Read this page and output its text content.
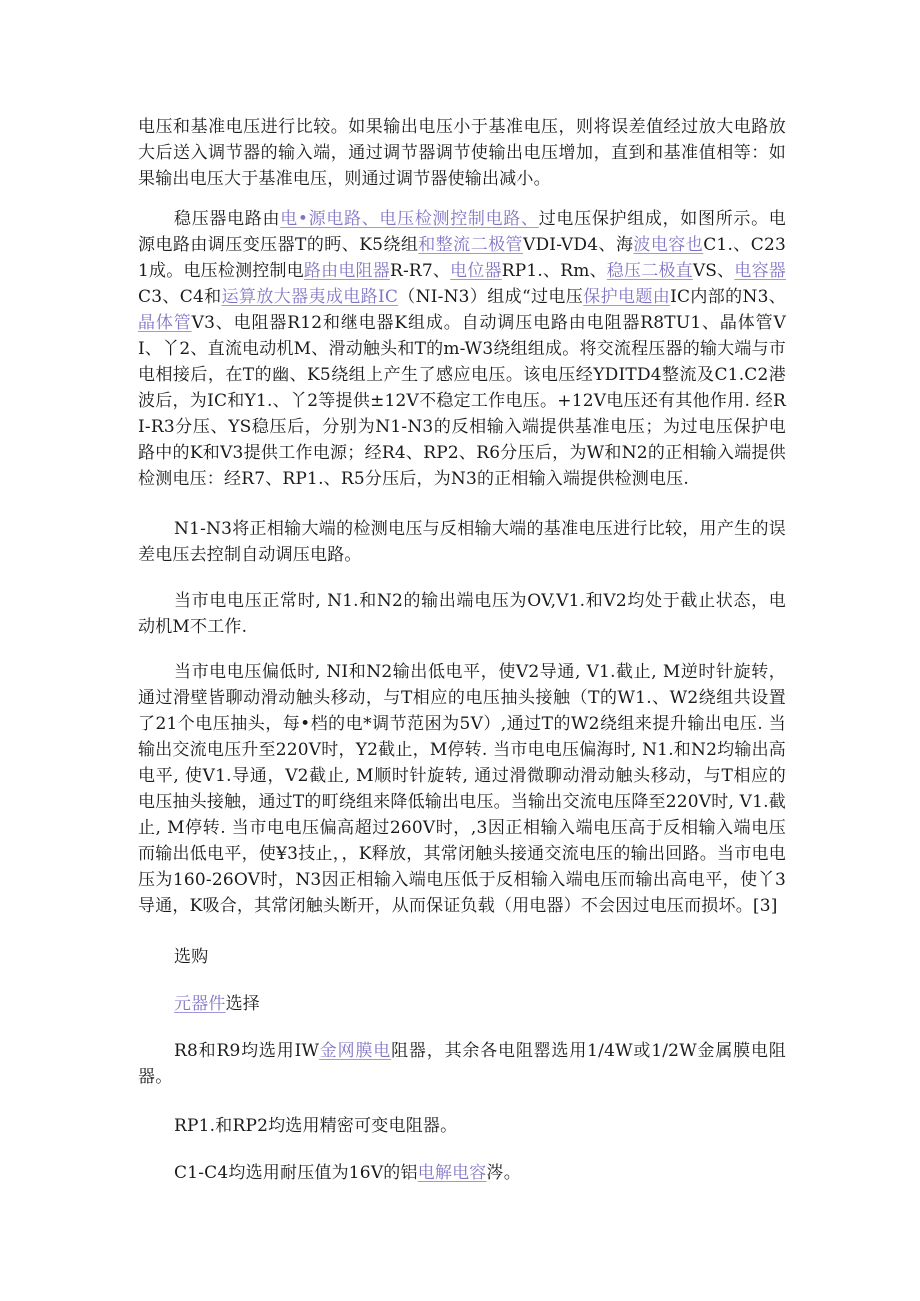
电压和基准电压进行比较。如果输出电压小于基准电压，则将误差值经过放大电路放大后送入调节器的输入端，通过调节器调节使输出电压增加，直到和基准值相等：如果输出电压大于基准电压，则通过调节器使输出减小。

稳压器电路由电•源电路、电压检测控制电路、过电压保护组成，如图所示。电源电路由调压变压器T的眄、K5绕组和整流二极管VDI-VD4、海波电容也C1.、C231成。电压检测控制电路由电阻器R-R7、电位器RP1.、Rm、稳压二极直VS、电容器C3、C4和运算放大器夷成电路IC（NI-N3）组成“过电压保护电题由IC内部的N3、晶体管V3、电阻器R12和继电器K组成。自动调压电路由电阻器R8TU1、晶体管VI、丫2、直流电动机M、滑动触头和T的m-W3绕组组成。将交流程压器的输大端与市电相接后，在T的幽、K5绕组上产生了感应电压。该电压经YDITD4整流及C1.C2港波后，为IC和Y1.、丫2等提供±12V不稳定工作电压。+12V电压还有其他作用. 经RI-R3分压、YS稳压后，分别为N1-N3的反相输入端提供基准电压；为过电压保护电路中的K和V3提供工作电源；经R4、RP2、R6分压后，为W和N2的正相输入端提供检测电压：经R7、RP1.、R5分压后，为N3的正相输入端提供检测电压.

N1-N3将正相输大端的检测电压与反相输大端的基准电压进行比较，用产生的误差电压去控制自动调压电路。

当市电电压正常时, N1.和N2的输出端电压为OV,V1.和V2均处于截止状态，电动机M不工作.

当市电电压偏低时, NI和N2输出低电平，使V2导通, V1.截止, M逆时针旋转，通过滑壁皆聊动滑动触头移动，与T相应的电压抽头接触（T的W1.、W2绕组共设置了21个电压抽头，每•档的电*调节范困为5V）,通过T的W2绕组来提升输出电压. 当输出交流电压升至220V时，Y2截止，M停转. 当市电电压偏海时, N1.和N2均输出高电平, 使V1.导通，V2截止, M顺时针旋转, 通过滑微聊动滑动触头移动，与T相应的电压抽头接触，通过T的町绕组来降低输出电压。当输出交流电压降至220V时, V1.截止, M停转. 当市电电压偏高超过260V时，,3因正相输入端电压高于反相输入端电压而输出低电平，使¥3技止，，K释放，其常闭触头接通交流电压的输出回路。当市电电压为160-26OV时，N3因正相输入端电压低于反相输入端电压而输出高电平，使丫3导通，K吸合，其常闭触头断开，从而保证负载（用电器）不会因过电压而损坏。[3]

选购

元器件选择

R8和R9均选用IW金网膜电阻器，其余各电阻罂选用1/4W或1/2W金属膜电阻器。

RP1.和RP2均选用精密可变电阻器。

C1-C4均选用耐压值为16V的铝电解电容涔。
